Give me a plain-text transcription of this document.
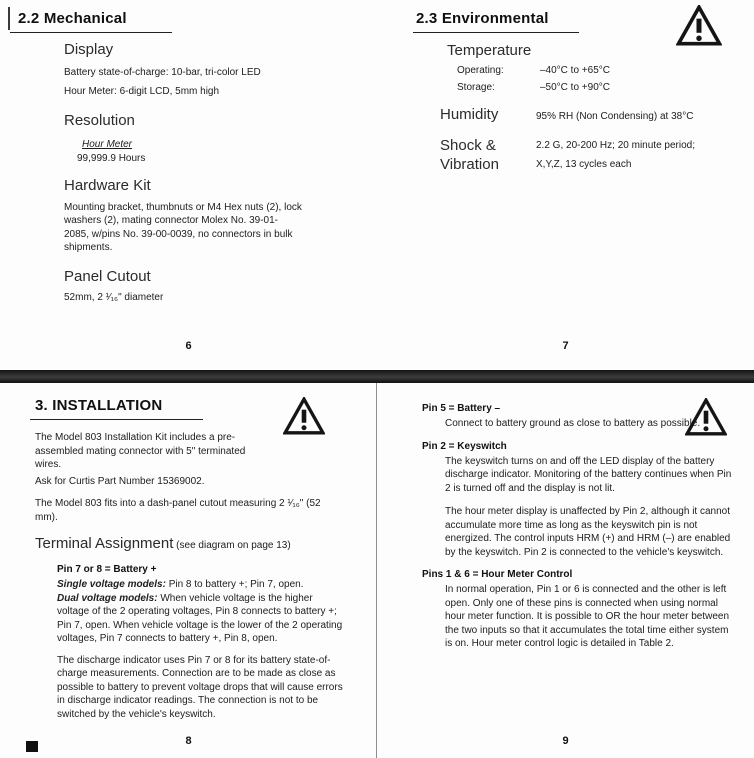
2.2 Mechanical
Display

Battery state-of-charge: 10-bar, tri-color LED

Hour Meter: 6-digit LCD, 5mm high

Resolution
Hour Meter

99,999.9 Hours

Hardware Kit

Mounting bracket, thumbnuts or M4 Hex nuts (2), lock washers (2), mating connector Molex No. 39-01-2085, w/pins No. 39-00-0039, no connectors in bulk shipments.

Panel Cutout

52mm, 2 ¹⁄₁₆" diameter

6
2.3 Environmental
Temperature
Operating:	–40°C to +65°C
Storage:	–50°C to +90°C
Humidity	95% RH (Non Condensing) at 38°C
Shock &
Vibration
2.2 G, 20-200 Hz; 20 minute period;
X,Y,Z, 13 cycles each
7
3. INSTALLATION

The Model 803 Installation Kit includes a pre-assembled mating connector with 5" terminated wires.

Ask for Curtis Part Number 15369002.

The Model 803 fits into a dash-panel cutout measuring 2 ¹⁄₁₆" (52 mm).

Terminal Assignment (see diagram on page 13)
Pin 7 or 8 = Battery +

Single voltage models: Pin 8 to battery +; Pin 7, open.

Dual voltage models: When vehicle voltage is the higher voltage of the 2 operating voltages, Pin 8 connects to battery +; Pin 7, open. When vehicle voltage is the lower of the 2 operating voltages, Pin 7 connects to battery +, Pin 8, open.

The discharge indicator uses Pin 7 or 8 for its battery state-of-charge measurements. Connection are to be made as close as possible to battery to prevent voltage drops that will cause errors in discharge indicator readings. The connection is not to be switched by the vehicle's keyswitch.

8
Pin 5 = Battery –

Connect to battery ground as close to battery as possible.

Pin 2 = Keyswitch

The keyswitch turns on and off the LED display of the battery discharge indicator. Monitoring of the battery continues when Pin 2 is turned off and the display is not lit.

The hour meter display is unaffected by Pin 2, although it cannot accumulate more time as long as the keyswitch pin is not energized. The control inputs HRM (+) and HRM (–) are enabled by the keyswitch. Pin 2 is connected to the vehicle's keyswitch.

Pins 1 & 6 = Hour Meter Control

In normal operation, Pin 1 or 6 is connected and the other is left open. Only one of these pins is connected when using normal hour meter function. It is possible to OR the hour meter between the two inputs so that it accumulates the total time either system is on. Hour meter control logic is detailed in Table 2.

9
